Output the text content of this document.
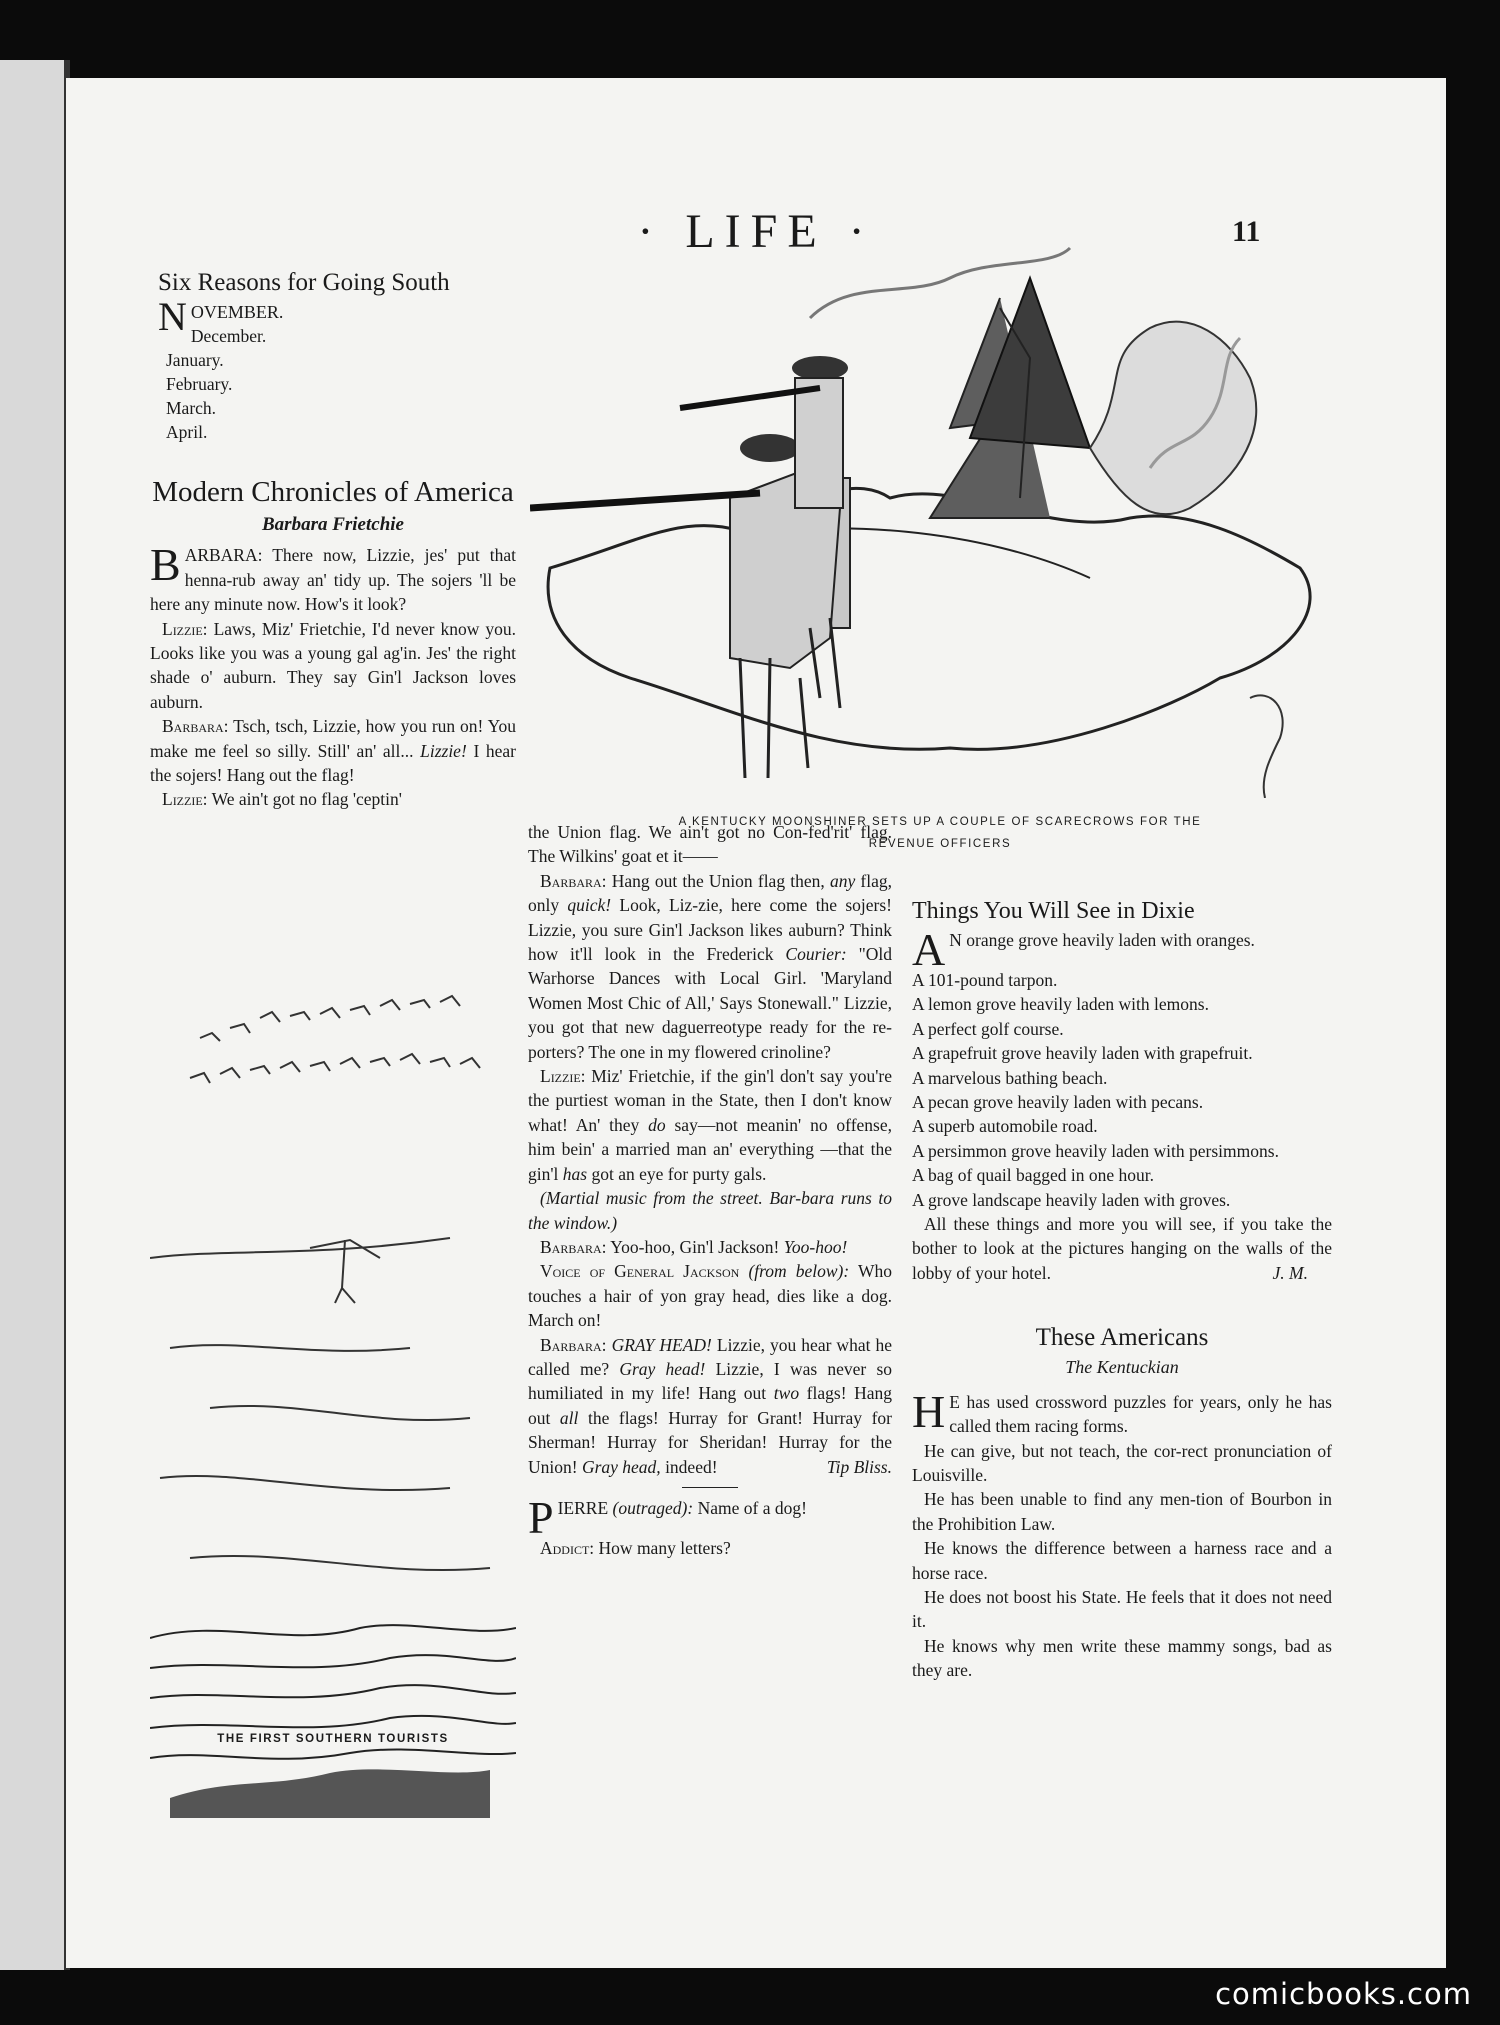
· LIFE ·	11
Six Reasons for Going South
NOVEMBER.
December.
January.
February.
March.
April.
Modern Chronicles of America
Barbara Frietchie

BARBARA: There now, Lizzie, jes' put that henna-rub away an' tidy up. The sojers 'll be here any minute now. How's it look?

Lizzie: Laws, Miz' Frietchie, I'd never know you. Looks like you was a young gal ag'in. Jes' the right shade o' auburn. They say Gin'l Jackson loves auburn.

Barbara: Tsch, tsch, Lizzie, how you run on! You make me feel so silly. Still' an' all... Lizzie! I hear the sojers! Hang out the flag!

Lizzie: We ain't got no flag 'ceptin'

the Union flag. We ain't got no Con-fed'rit' flag. The Wilkins' goat et it——

Barbara: Hang out the Union flag then, any flag, only quick! Look, Liz-zie, here come the sojers! Lizzie, you sure Gin'l Jackson likes auburn? Think how it'll look in the Frederick Courier: "Old Warhorse Dances with Local Girl. 'Maryland Women Most Chic of All,' Says Stonewall." Lizzie, you got that new daguerreotype ready for the re-porters? The one in my flowered crinoline?

Lizzie: Miz' Frietchie, if the gin'l don't say you're the purtiest woman in the State, then I don't know what! An' they do say—not meanin' no offense, him bein' a married man an' everything —that the gin'l has got an eye for purty gals.

(Martial music from the street. Bar-bara runs to the window.)

Barbara: Yoo-hoo, Gin'l Jackson! Yoo-hoo!

Voice of General Jackson (from below): Who touches a hair of yon gray head, dies like a dog. March on!

Barbara: GRAY HEAD! Lizzie, you hear what he called me? Gray head! Lizzie, I was never so humiliated in my life! Hang out two flags! Hang out all the flags! Hurray for Grant! Hurray for Sherman! Hurray for Sheridan! Hurray for the Union! Gray head, indeed!	Tip Bliss.

PIERRE (outraged): Name of a dog!

Addict: How many letters?

Things You Will See in Dixie

A N orange grove heavily laden with oranges.

A 101-pound tarpon.

A lemon grove heavily laden with lemons.

A perfect golf course.

A grapefruit grove heavily laden with grapefruit.

A marvelous bathing beach.

A pecan grove heavily laden with pecans.

A superb automobile road.

A persimmon grove heavily laden with persimmons.

A bag of quail bagged in one hour.

A grove landscape heavily laden with groves.

All these things and more you will see, if you take the bother to look at the pictures hanging on the walls of the lobby of your hotel.	J. M.

These Americans
The Kentuckian

H E has used crossword puzzles for years, only he has called them racing forms.

He can give, but not teach, the cor-rect pronunciation of Louisville.

He has been unable to find any men-tion of Bourbon in the Prohibition Law.

He knows the difference between a harness race and a horse race.

He does not boost his State. He feels that it does not need it.

He knows why men write these mammy songs, bad as they are.

A KENTUCKY MOONSHINER SETS UP A COUPLE OF SCARECROWS FOR THE
REVENUE OFFICERS
THE FIRST SOUTHERN TOURISTS
comicbooks.com
